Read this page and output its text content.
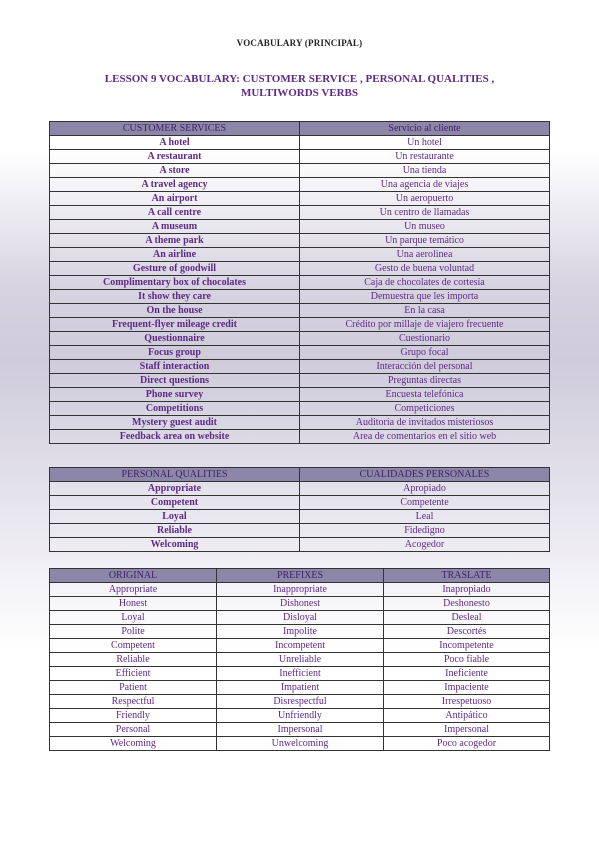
VOCABULARY (PRINCIPAL)
LESSON 9 VOCABULARY: CUSTOMER SERVICE , PERSONAL QUALITIES ,
MULTIWORDS VERBS
CUSTOMER SERVICES	Servicio al cliente
A hotel	Un hotel
A restaurant	Un restaurante
A store	Una tienda
A travel agency	Una agencia de viajes
An airport	Un aeropuerto
A call centre	Un centro de llamadas
A museum	Un museo
A theme park	Un parque temático
An airline	Una aerolinea
Gesture of goodwill	Gesto de buena voluntad
Complimentary box of chocolates	Caja de chocolates de cortesía
It show they care	Demuestra que les importa
On the house	En la casa
Frequent-flyer mileage credit	Crédito por millaje de viajero frecuente
Questionnaire	Cuestionario
Focus group	Grupo focal
Staff interaction	Interacción del personal
Direct questions	Preguntas directas
Phone survey	Encuesta telefónica
Competitions	Competiciones
Mystery guest audit	Auditoria de invitados misteriosos
Feedback area on website	Area de comentarios en el sitio web
PERSONAL QUALITIES	CUALIDADES PERSONALES
Appropriate	Apropiado
Competent	Competente
Loyal	Leal
Reliable	Fidedigno
Welcoming	Acogedor
ORIGINAL	PREFIXES	TRASLATE
Appropriate	Inappropriate	Inapropiado
Honest	Dishonest	Deshonesto
Loyal	Disloyal	Desleal
Polite	Impolite	Descortés
Competent	Incompetent	Incompetente
Reliable	Unreliable	Poco fiable
Efficient	Inefficient	Ineficiente
Patient	Impatient	Impaciente
Respectful	Disrespectful	Irrespetuoso
Friendly	Unfriendly	Antipático
Personal	Impersonal	Impersonal
Welcoming	Unwelcoming	Poco acogedor
